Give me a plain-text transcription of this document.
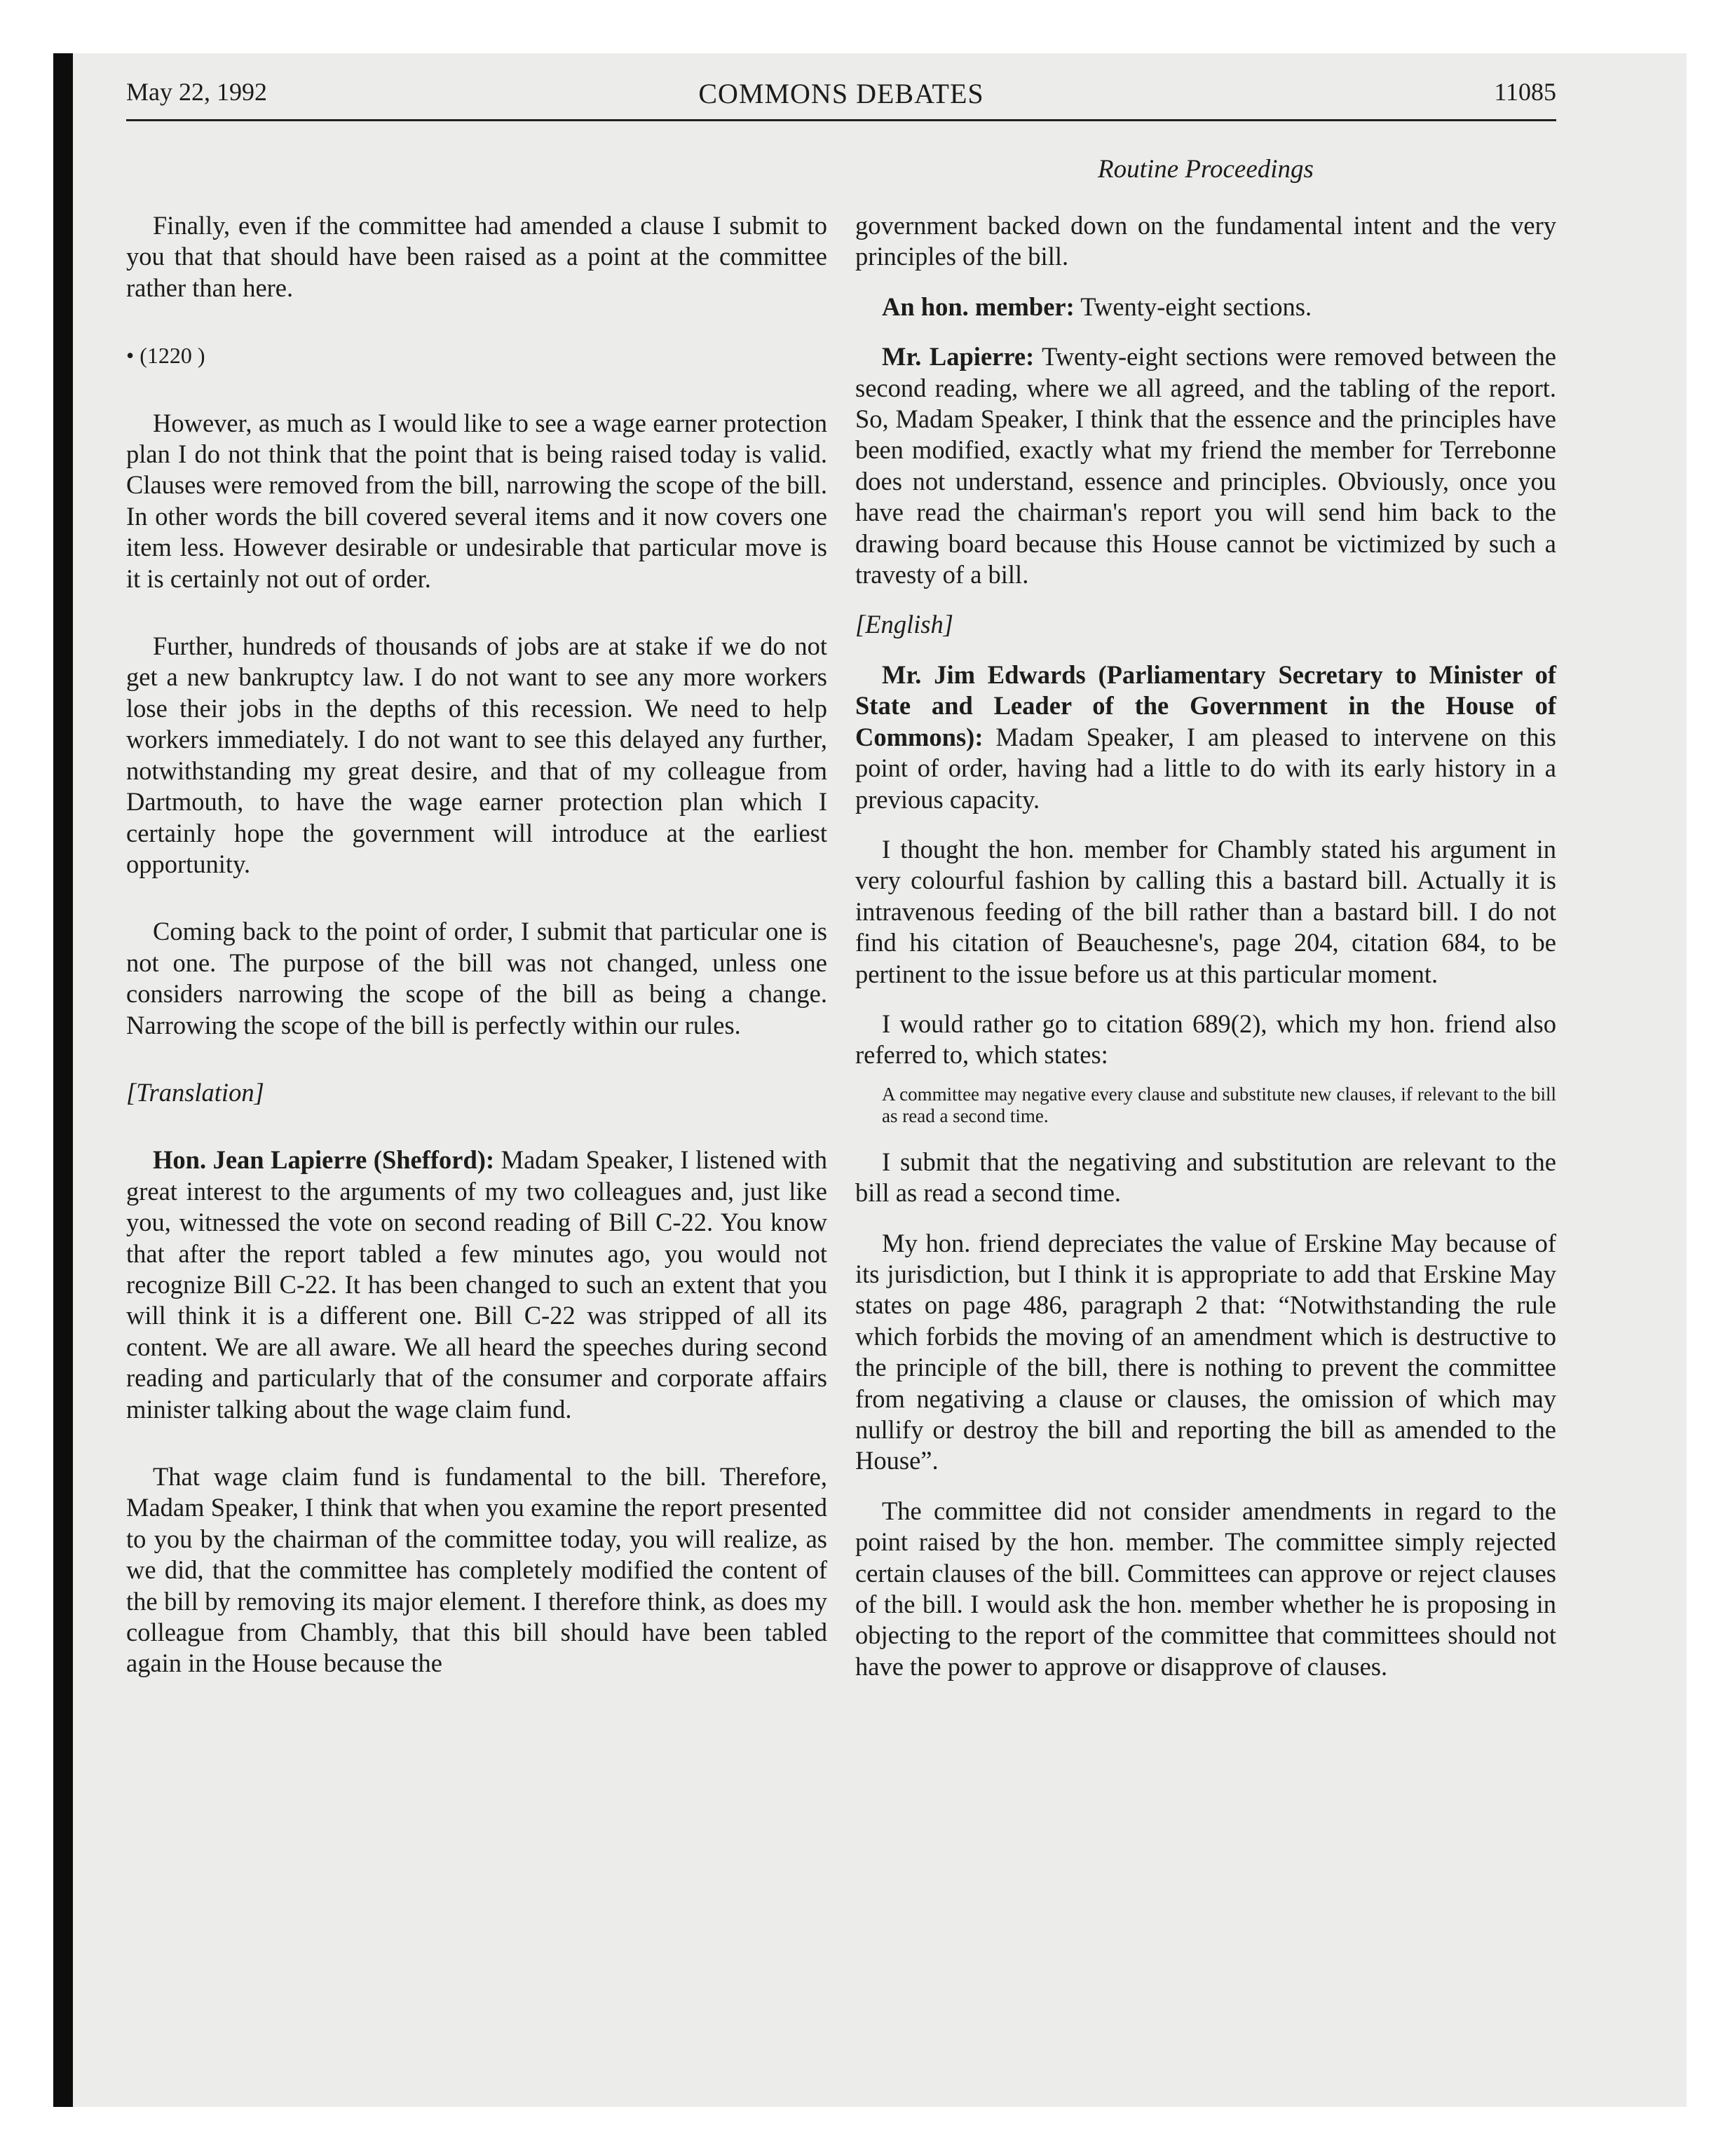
May 22, 1992	COMMONS DEBATES	11085
Routine Proceedings

Finally, even if the committee had amended a clause I submit to you that that should have been raised as a point at the committee rather than here.

• (1220 )

However, as much as I would like to see a wage earner protection plan I do not think that the point that is being raised today is valid. Clauses were removed from the bill, narrowing the scope of the bill. In other words the bill covered several items and it now covers one item less. However desirable or undesirable that particular move is it is certainly not out of order.

Further, hundreds of thousands of jobs are at stake if we do not get a new bankruptcy law. I do not want to see any more workers lose their jobs in the depths of this recession. We need to help workers immediately. I do not want to see this delayed any further, notwithstanding my great desire, and that of my colleague from Dartmouth, to have the wage earner protection plan which I certainly hope the government will introduce at the earliest opportunity.

Coming back to the point of order, I submit that particular one is not one. The purpose of the bill was not changed, unless one considers narrowing the scope of the bill as being a change. Narrowing the scope of the bill is perfectly within our rules.

[Translation]

Hon. Jean Lapierre (Shefford): Madam Speaker, I listened with great interest to the arguments of my two colleagues and, just like you, witnessed the vote on second reading of Bill C-22. You know that after the report tabled a few minutes ago, you would not recognize Bill C-22. It has been changed to such an extent that you will think it is a different one. Bill C-22 was stripped of all its content. We are all aware. We all heard the speeches during second reading and particularly that of the consumer and corporate affairs minister talking about the wage claim fund.

That wage claim fund is fundamental to the bill. Therefore, Madam Speaker, I think that when you examine the report presented to you by the chairman of the committee today, you will realize, as we did, that the committee has completely modified the content of the bill by removing its major element. I therefore think, as does my colleague from Chambly, that this bill should have been tabled again in the House because the

government backed down on the fundamental intent and the very principles of the bill.

An hon. member: Twenty-eight sections.

Mr. Lapierre: Twenty-eight sections were removed between the second reading, where we all agreed, and the tabling of the report. So, Madam Speaker, I think that the essence and the principles have been modified, exactly what my friend the member for Terrebonne does not understand, essence and principles. Obviously, once you have read the chairman's report you will send him back to the drawing board because this House cannot be victimized by such a travesty of a bill.

[English]

Mr. Jim Edwards (Parliamentary Secretary to Minister of State and Leader of the Government in the House of Commons): Madam Speaker, I am pleased to intervene on this point of order, having had a little to do with its early history in a previous capacity.

I thought the hon. member for Chambly stated his argument in very colourful fashion by calling this a bastard bill. Actually it is intravenous feeding of the bill rather than a bastard bill. I do not find his citation of Beauchesne's, page 204, citation 684, to be pertinent to the issue before us at this particular moment.

I would rather go to citation 689(2), which my hon. friend also referred to, which states:

A committee may negative every clause and substitute new clauses, if relevant to the bill as read a second time.

I submit that the negativing and substitution are relevant to the bill as read a second time.

My hon. friend depreciates the value of Erskine May because of its jurisdiction, but I think it is appropriate to add that Erskine May states on page 486, paragraph 2 that: “Notwithstanding the rule which forbids the moving of an amendment which is destructive to the principle of the bill, there is nothing to prevent the committee from negativing a clause or clauses, the omission of which may nullify or destroy the bill and reporting the bill as amended to the House”.

The committee did not consider amendments in regard to the point raised by the hon. member. The committee simply rejected certain clauses of the bill. Committees can approve or reject clauses of the bill. I would ask the hon. member whether he is proposing in objecting to the report of the committee that committees should not have the power to approve or disapprove of clauses.
